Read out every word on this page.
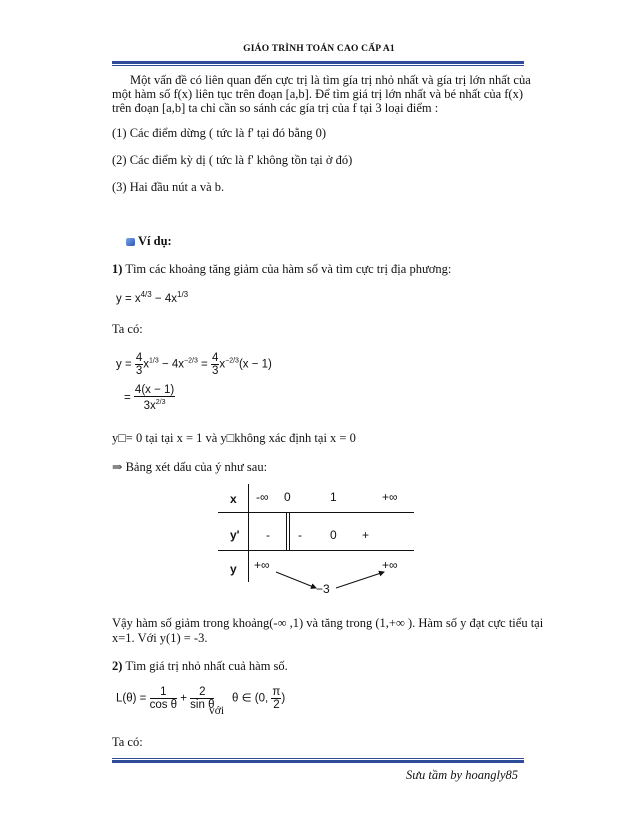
GIÁO TRÌNH TOÁN CAO CẤP A1
Một vấn đề có liên quan đến cực trị là tìm gía trị nhỏ nhất và gía trị lớn nhất của
một hàm số f(x) liên tục trên đoạn [a,b]. Để tìm giá trị lớn nhất và bé nhất của f(x)
trên đoạn [a,b] ta chỉ cần so sánh các gía trị của f tại 3 loại điểm :
(1) Các điểm dừng ( tức là f' tại đó bằng 0)
(2) Các điểm kỳ dị ( tức là f' không tồn tại ở đó)
(3) Hai đầu nút a và b.
Ví dụ:
1) Tìm các khoảng tăng giảm của hàm số và tìm cực trị địa phương:
$y = x^{4/3} - 4x^{1/3}$
Ta có:
$y = \frac{4}{3} x^{1/3} - 4x^{-2/3} = \frac{4}{3} x^{-2/3}(x - 1)$
= $\frac{4(x - 1)}{3x^{2/3}}$
y□= 0 tại tại x = 1 và y□không xác định tại x = 0
⇒ Bảng xét dấu của ý như sau:
x -∞ 0	1	+∞
y' - - 0 +
y +∞
−3
+∞
Vậy hàm số giảm trong khoảng(-∞ ,1) và tăng trong (1,+∞ ). Hàm số y đạt cực tiểu tại
x=1. Với y(1) = -3.
2) Tìm giá trị nhỏ nhất cuả hàm số.
$L(\theta) = \frac{1}{\text{cos θ}} + \frac{2}{\text{sin θ}}$
với
θ ∈ (0, $\frac{\pi}{2}$ )
Ta có:
Sưu tầm by hoangly85
